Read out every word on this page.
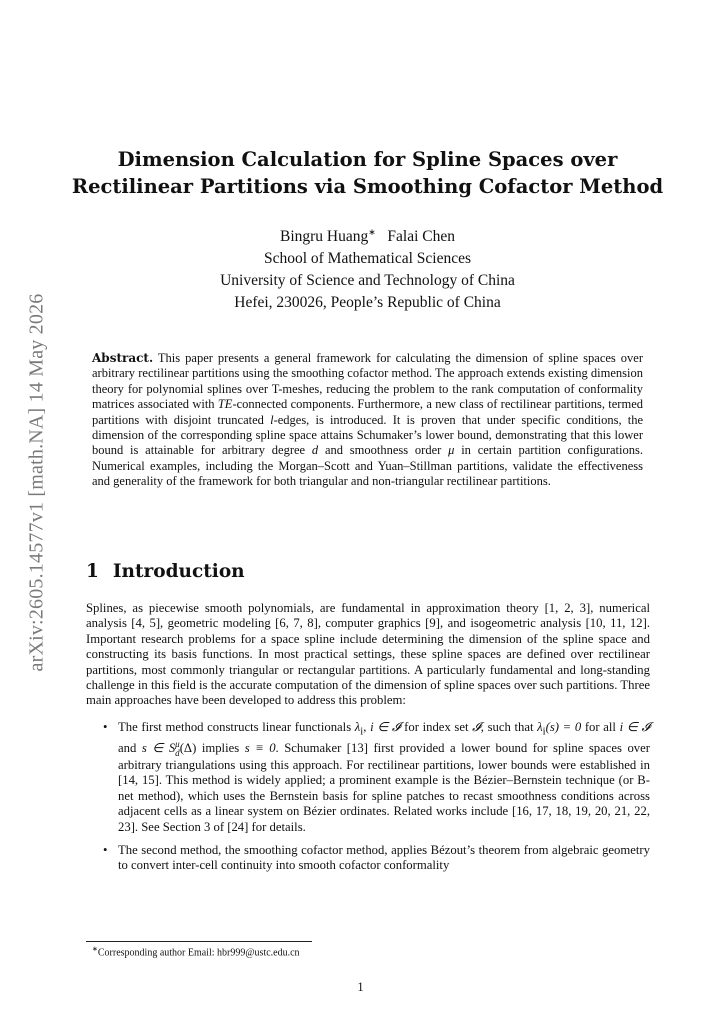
arXiv:2605.14577v1 [math.NA] 14 May 2026
Dimension Calculation for Spline Spaces over
Rectilinear Partitions via Smoothing Cofactor Method
Bingru Huang∗ Falai Chen
School of Mathematical Sciences
University of Science and Technology of China
Hefei, 230026, People’s Republic of China

Abstract. This paper presents a general framework for calculating the dimension of spline spaces over arbitrary rectilinear partitions using the smoothing cofactor method. The approach extends existing dimension theory for polynomial splines over T-meshes, reducing the problem to the rank computation of conformality matrices associated with TE-connected components. Furthermore, a new class of rectilinear partitions, termed partitions with disjoint truncated l-edges, is introduced. It is proven that under specific conditions, the dimension of the corresponding spline space attains Schumaker’s lower bound, demonstrating that this lower bound is attainable for arbitrary degree d and smoothness order μ in certain partition configurations. Numerical examples, including the Morgan–Scott and Yuan–Stillman partitions, validate the effectiveness and generality of the framework for both triangular and non-triangular rectilinear partitions.

1 Introduction

Splines, as piecewise smooth polynomials, are fundamental in approximation theory [1, 2, 3], numerical analysis [4, 5], geometric modeling [6, 7, 8], computer graphics [9], and isogeometric analysis [10, 11, 12]. Important research problems for a space spline include determining the dimension of the spline space and constructing its basis functions. In most practical settings, these spline spaces are defined over rectilinear partitions, most commonly triangular or rectangular partitions. A particularly fundamental and long-standing challenge in this field is the accurate computation of the dimension of spline spaces over such partitions. Three main approaches have been developed to address this problem:

• The first method constructs linear functionals $\lambda_i$, i ∈ 𝓘 for index set 𝓘, such that $\lambda_i(s) = 0$ for all i ∈ 𝓘 and s ∈ Sμ
d(Δ) implies s ≡ 0. Schumaker [13] first provided a lower bound for spline spaces over arbitrary triangulations using this approach. For rectilinear partitions, lower bounds were established in [14, 15]. This method is widely applied; a prominent example is the Bézier–Bernstein technique (or B-net method), which uses the Bernstein basis for spline patches to recast smoothness conditions across adjacent cells as a linear system on Bézier ordinates. Related works include [16, 17, 18, 19, 20, 21, 22, 23]. See Section 3 of [24] for details.
• The second method, the smoothing cofactor method, applies Bézout’s theorem from algebraic geometry to convert inter-cell continuity into smooth cofactor conformality
∗Corresponding author Email: hbr999@ustc.edu.cn
1
